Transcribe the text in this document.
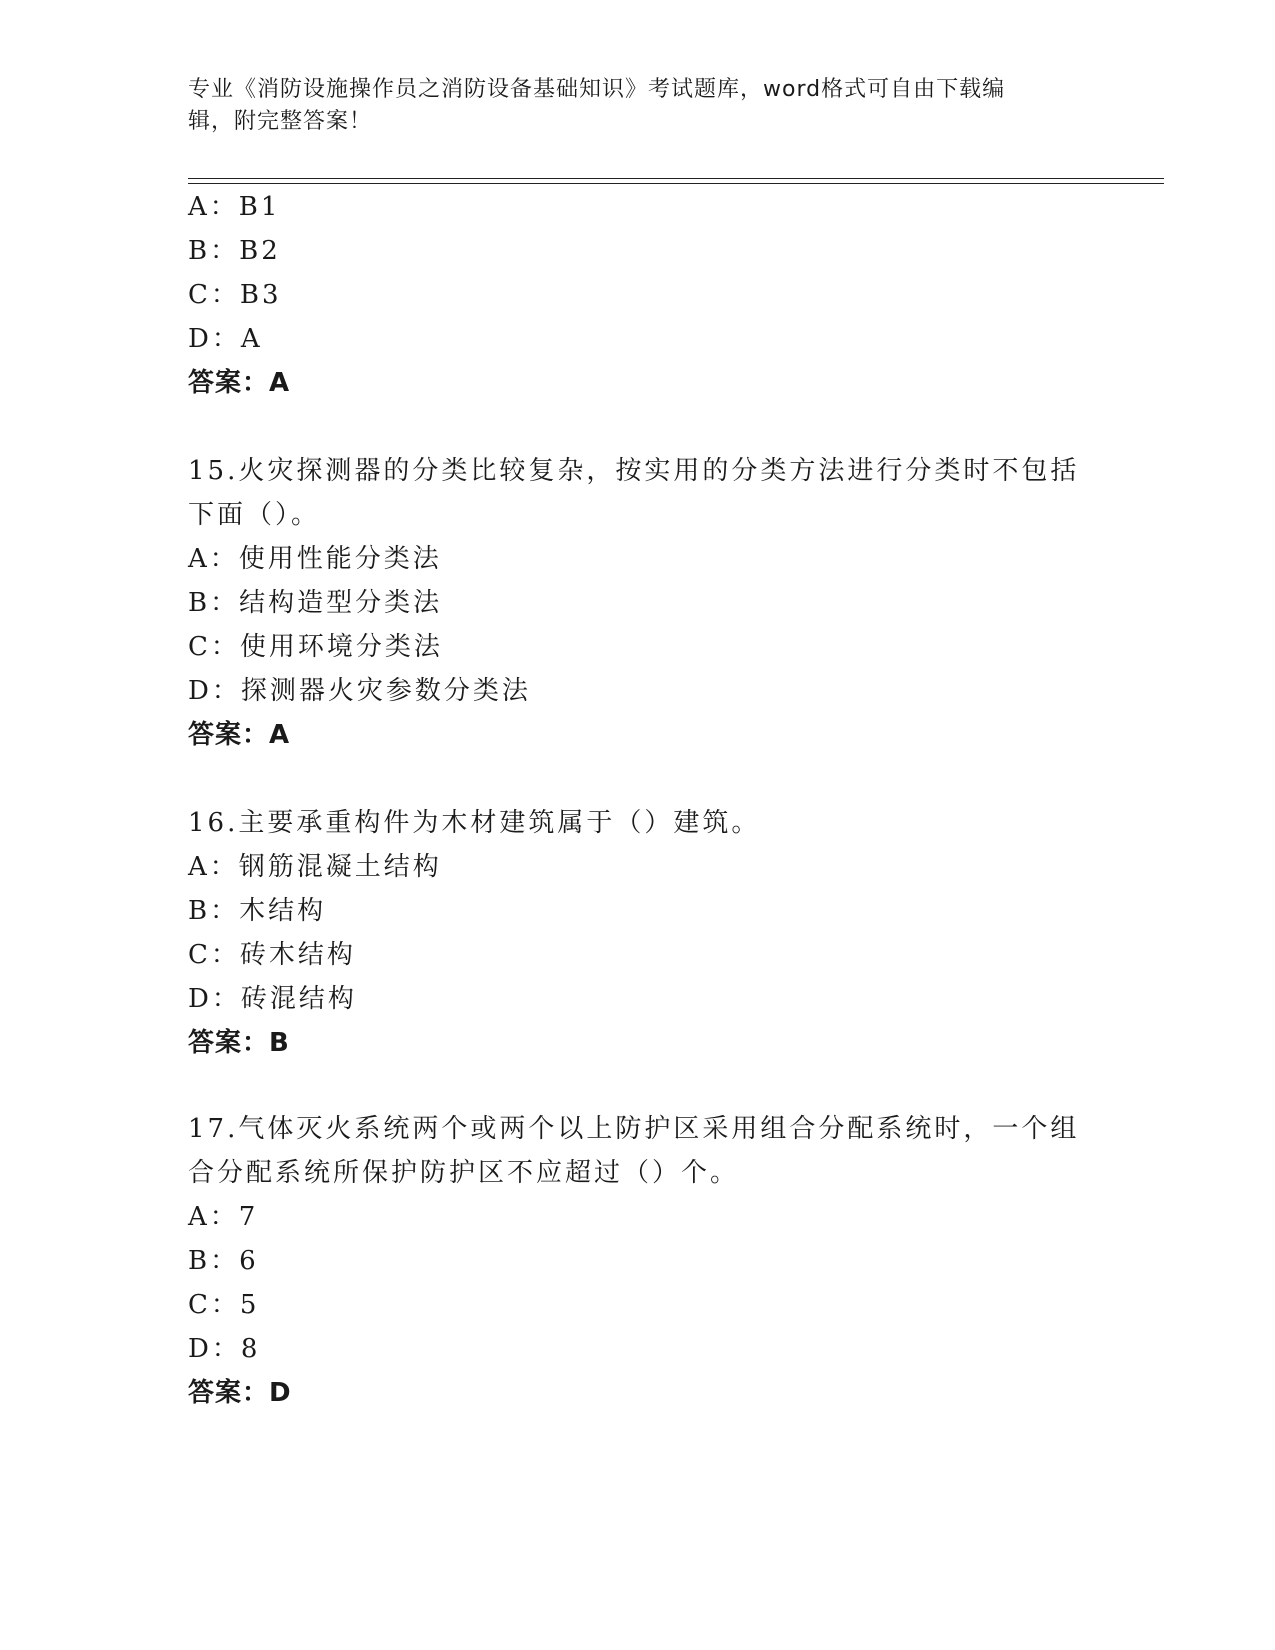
专业《消防设施操作员之消防设备基础知识》考试题库，word格式可自由下载编
辑，附完整答案！
A：B1
B：B2
C：B3
D：A
答案：A
15.火灾探测器的分类比较复杂，按实用的分类方法进行分类时不包括
下面（）。
A：使用性能分类法
B：结构造型分类法
C：使用环境分类法
D：探测器火灾参数分类法
答案：A
16.主要承重构件为木材建筑属于（）建筑。
A：钢筋混凝土结构
B：木结构
C：砖木结构
D：砖混结构
答案：B
17.气体灭火系统两个或两个以上防护区采用组合分配系统时，一个组
合分配系统所保护防护区不应超过（）个。
A：7
B：6
C：5
D：8
答案：D
